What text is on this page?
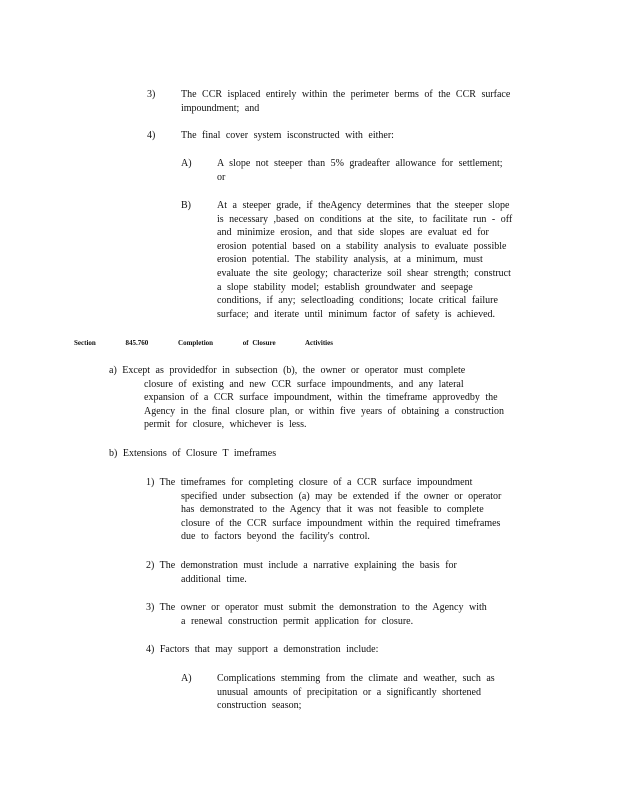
3)	The CCR isplaced entirely within the perimeter berms of the CCR surface
impoundment; and
4)	The final cover system isconstructed with either:
A)	A slope not steeper than 5% gradeafter allowance for settlement;
or
B)	At a steeper grade, if theAgency determines that the steeper slope
is necessary ,based on conditions at the site, to facilitate run - off
and minimize erosion, and that side slopes are evaluat ed for
erosion potential based on a stability analysis to evaluate possible
erosion potential. The stability analysis, at a minimum, must
evaluate the site geology; characterize soil shear strength; construct
a slope stability model; establish groundwater and seepage
conditions, if any; selectloading conditions; locate critical failure
surface; and iterate until minimum factor of safety is achieved.
Section	845.760	Completion	of Closure	Activities
a) Except as providedfor in subsection (b), the owner or operator must complete
closure of existing and new CCR surface impoundments, and any lateral
expansion of a CCR surface impoundment, within the timeframe approvedby the
Agency in the final closure plan, or within five years of obtaining a construction
permit for closure, whichever is less.
b) Extensions of Closure T imeframes
1) The timeframes for completing closure of a CCR surface impoundment
specified under subsection (a) may be extended if the owner or operator
has demonstrated to the Agency that it was not feasible to complete
closure of the CCR surface impoundment within the required timeframes
due to factors beyond the facility's control.
2) The demonstration must include a narrative explaining the basis for
additional time.
3) The owner or operator must submit the demonstration to the Agency with
a renewal construction permit application for closure.
4) Factors that may support a demonstration include:
A)	Complications stemming from the climate and weather, such as
unusual amounts of precipitation or a significantly shortened
construction season;
